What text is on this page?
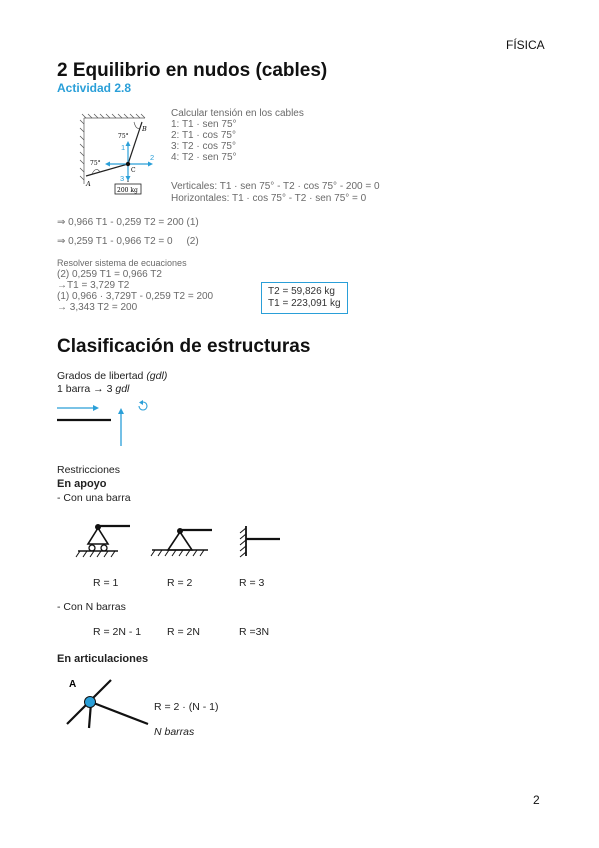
FÍSICA
2 Equilibrio en nudos (cables)
Actividad 2.8
B
A
C
75°
75°
1
2
3
200 kg
Calcular tensión en los cables
1: T1 · sen 75°
2: T1 · cos 75°
3: T2 · cos 75°
4: T2 · sen 75°
Verticales: T1 · sen 75° - T2 · cos 75° - 200 = 0
Horizontales: T1 · cos 75° - T2 · sen 75° = 0
⇒ 0,966 T1 - 0,259 T2 = 200 (1)
⇒ 0,259 T1 - 0,966 T2 = 0     (2)
Resolver sistema de ecuaciones
(2) 0,259 T1 = 0,966 T2
→T1 = 3,729 T2
(1) 0,966 · 3,729T - 0,259 T2 = 200
→ 3,343 T2 = 200
T2 = 59,826 kg
T1 = 223,091 kg
Clasificación de estructuras
Grados de libertad (gdl)
1 barra → 3 gdl
Restricciones
En apoyo
- Con una barra
R = 1	R = 2	R = 3
- Con N barras
R = 2N - 1 R = 2N	R =3N
En articulaciones
A
R = 2 · (N - 1)
N barras
2
